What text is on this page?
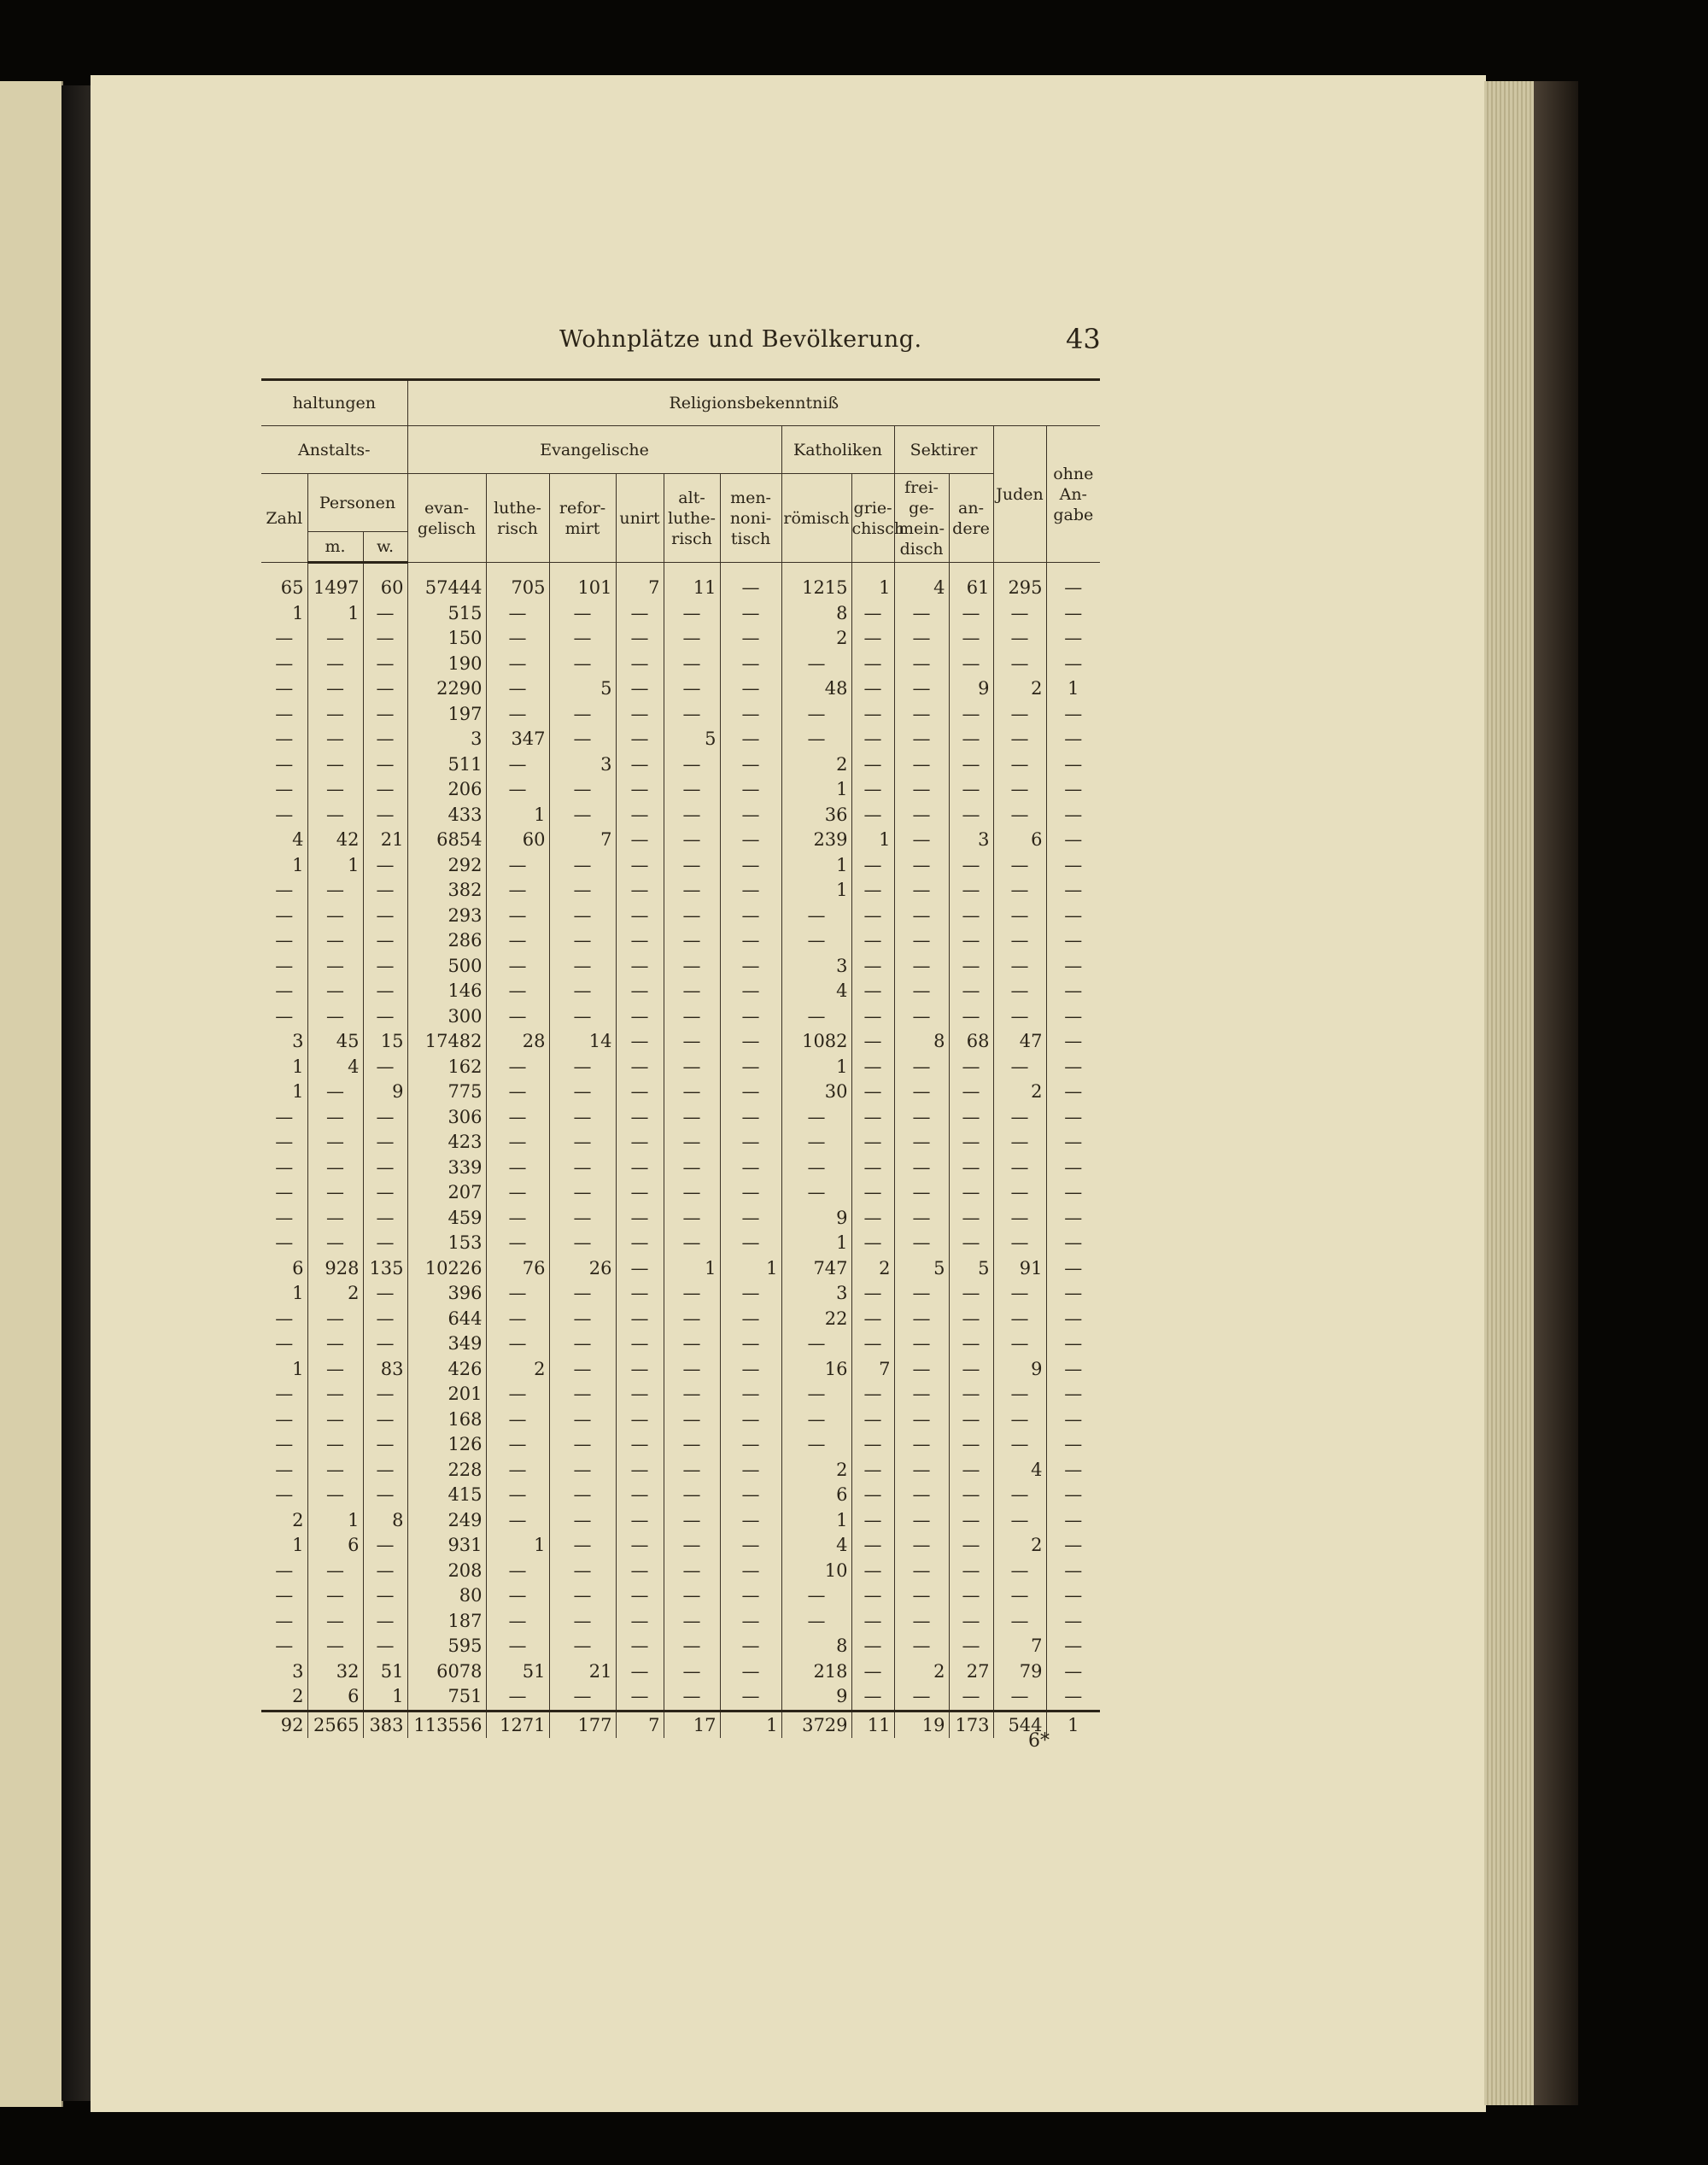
Wohnplätze und Bevölkerung.	43
haltungen			Religionsbekenntniß											
Anstalts-			Evangelische						Katholiken		Sektirer		Juden	ohne An- gabe
Zahl	Personen		evan- gelisch	luthe- risch	refor- mirt	unirt	alt- luthe- risch	men- noni- tisch	römisch	grie- chisch	frei- ge- mein- disch	an- dere		
	m.	w.												
65	1497	60	57444	705	101	7	11	—	1215	1	4	61	295	—
1	1	—	515	—	—	—	—	—	8	—	—	—	—	—
—	—	—	150	—	—	—	—	—	2	—	—	—	—	—
—	—	—	190	—	—	—	—	—	—	—	—	—	—	—
—	—	—	2290	—	5	—	—	—	48	—	—	9	2	1
—	—	—	197	—	—	—	—	—	—	—	—	—	—	—
—	—	—	3	347	—	—	5	—	—	—	—	—	—	—
—	—	—	511	—	3	—	—	—	2	—	—	—	—	—
—	—	—	206	—	—	—	—	—	1	—	—	—	—	—
—	—	—	433	1	—	—	—	—	36	—	—	—	—	—
4	42	21	6854	60	7	—	—	—	239	1	—	3	6	—
1	1	—	292	—	—	—	—	—	1	—	—	—	—	—
—	—	—	382	—	—	—	—	—	1	—	—	—	—	—
—	—	—	293	—	—	—	—	—	—	—	—	—	—	—
—	—	—	286	—	—	—	—	—	—	—	—	—	—	—
—	—	—	500	—	—	—	—	—	3	—	—	—	—	—
—	—	—	146	—	—	—	—	—	4	—	—	—	—	—
—	—	—	300	—	—	—	—	—	—	—	—	—	—	—
3	45	15	17482	28	14	—	—	—	1082	—	8	68	47	—
1	4	—	162	—	—	—	—	—	1	—	—	—	—	—
1	—	9	775	—	—	—	—	—	30	—	—	—	2	—
—	—	—	306	—	—	—	—	—	—	—	—	—	—	—
—	—	—	423	—	—	—	—	—	—	—	—	—	—	—
—	—	—	339	—	—	—	—	—	—	—	—	—	—	—
—	—	—	207	—	—	—	—	—	—	—	—	—	—	—
—	—	—	459	—	—	—	—	—	9	—	—	—	—	—
—	—	—	153	—	—	—	—	—	1	—	—	—	—	—
6	928	135	10226	76	26	—	1	1	747	2	5	5	91	—
1	2	—	396	—	—	—	—	—	3	—	—	—	—	—
—	—	—	644	—	—	—	—	—	22	—	—	—	—	—
—	—	—	349	—	—	—	—	—	—	—	—	—	—	—
1	—	83	426	2	—	—	—	—	16	7	—	—	9	—
—	—	—	201	—	—	—	—	—	—	—	—	—	—	—
—	—	—	168	—	—	—	—	—	—	—	—	—	—	—
—	—	—	126	—	—	—	—	—	—	—	—	—	—	—
—	—	—	228	—	—	—	—	—	2	—	—	—	4	—
—	—	—	415	—	—	—	—	—	6	—	—	—	—	—
2	1	8	249	—	—	—	—	—	1	—	—	—	—	—
1	6	—	931	1	—	—	—	—	4	—	—	—	2	—
—	—	—	208	—	—	—	—	—	10	—	—	—	—	—
—	—	—	80	—	—	—	—	—	—	—	—	—	—	—
—	—	—	187	—	—	—	—	—	—	—	—	—	—	—
—	—	—	595	—	—	—	—	—	8	—	—	—	7	—
3	32	51	6078	51	21	—	—	—	218	—	2	27	79	—
2	6	1	751	—	—	—	—	—	9	—	—	—	—	—
92	2565	383	113556	1271	177	7	17	1	3729	11	19	173	544	1
6*
